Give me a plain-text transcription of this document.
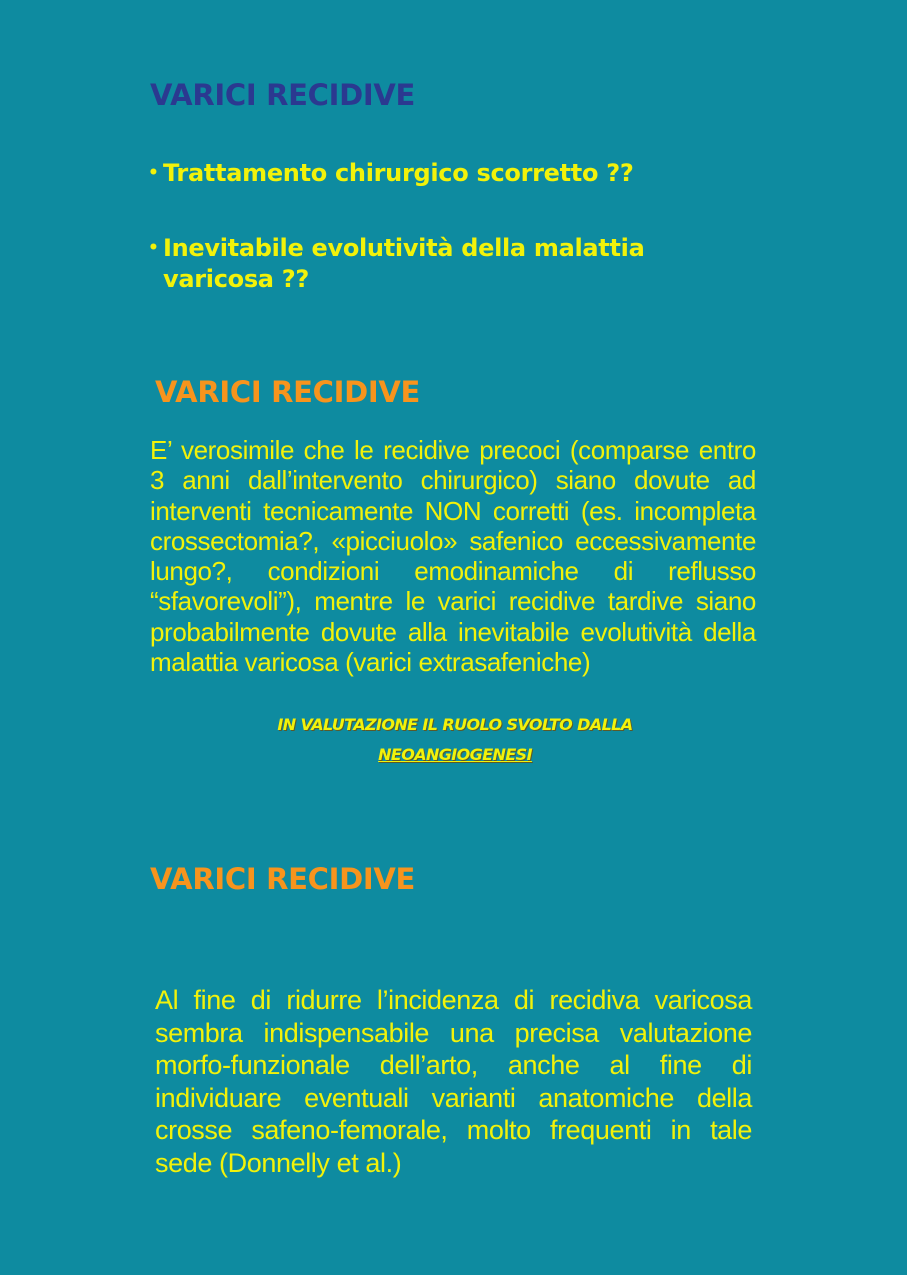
VARICI RECIDIVE
• Trattamento chirurgico scorretto ??
• Inevitabile evolutività della malattia varicosa ??
VARICI RECIDIVE

E’ verosimile che le recidive precoci (comparse entro 3 anni dall’intervento chirurgico) siano dovute ad interventi tecnicamente NON corretti (es. incompleta crossectomia?, «picciuolo» safenico eccessivamente lungo?, condizioni emodinamiche di reflusso “sfavorevoli”), mentre le varici recidive tardive siano probabilmente dovute alla inevitabile evolutività della malattia varicosa (varici extrasafeniche)

IN VALUTAZIONE IL RUOLO SVOLTO DALLA

NEOANGIOGENESI

VARICI RECIDIVE

Al fine di ridurre l’incidenza di recidiva varicosa sembra indispensabile una precisa valutazione morfo-funzionale dell’arto, anche al fine di individuare eventuali varianti anatomiche della crosse safeno-femorale, molto frequenti in tale sede (Donnelly et al.)
